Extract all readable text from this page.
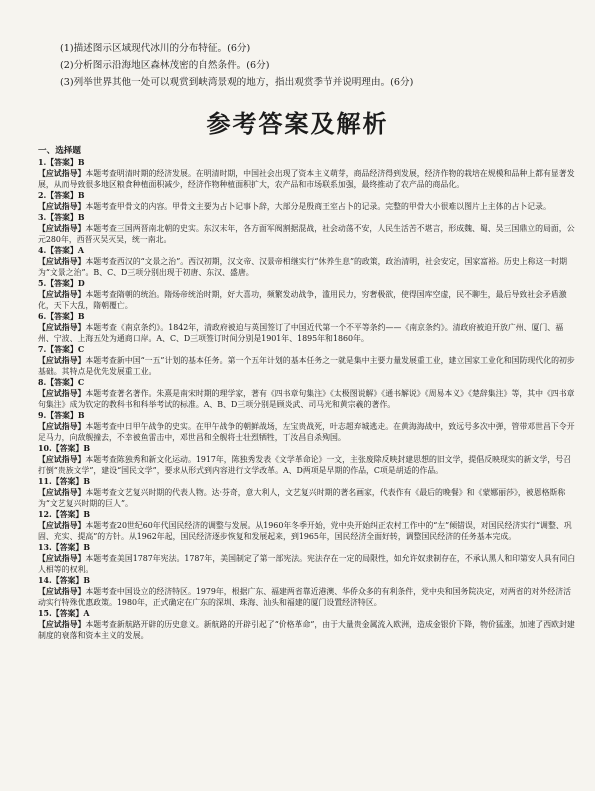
(1)描述图示区域现代冰川的分布特征。(6分)
(2)分析图示沿海地区森林茂密的自然条件。(6分)
(3)列举世界其他一处可以观赏到峡湾景观的地方，指出观赏季节并说明理由。(6分)
参考答案及解析
一、选择题
1.【答案】B
【应试指导】本题考查明清时期的经济发展。在明清时期，中国社会出现了资本主义萌芽，商品经济得到发展，经济作物的栽培在规模和品种上都有显著发展，从而导致很多地区粮食种植面积减少，经济作物种植面积扩大，农产品和市场联系加强，最终推动了农产品的商品化。
2.【答案】B
【应试指导】本题考查甲骨文的内容。甲骨文主要为占卜记事卜辞，大部分是殷商王室占卜的记录。完整的甲骨大小很难以图片上主体的占卜记录。
3.【答案】B
【应试指导】本题考查三国两晋南北朝的史实。东汉末年，各方面军阀割据混战，社会动荡不安，人民生活苦不堪言，形成魏、蜀、吴三国鼎立的局面，公元280年，西晋灭吴灭吴，统一南北。
4.【答案】A
【应试指导】本题考查西汉的“文景之治”。西汉初期，汉文帝、汉景帝相继实行“休养生息”的政策，政治清明，社会安定，国家富裕。历史上称这一时期为“文景之治”。B、C、D三项分别出现于初唐、东汉、盛唐。
5.【答案】D
【应试指导】本题考查隋朝的统治。隋炀帝统治时期，好大喜功，频繁发动战争，滥用民力，穷奢极欲，使得国库空虚，民不聊生，最后导致社会矛盾激化，天下大乱，隋朝覆亡。
6.【答案】B
【应试指导】本题考查《南京条约》。1842年，清政府被迫与英国签订了中国近代第一个不平等条约——《南京条约》。清政府被迫开放广州、厦门、福州、宁波、上海五处为通商口岸。A、C、D三项签订时间分别是1901年、1895年和1860年。
7.【答案】C
【应试指导】本题考查新中国“一五”计划的基本任务。第一个五年计划的基本任务之一就是集中主要力量发展重工业，建立国家工业化和国防现代化的初步基础。其特点是优先发展重工业。
8.【答案】C
【应试指导】本题考查著名著作。朱熹是南宋时期的理学家，著有《四书章句集注》《太极图说解》《通书解说》《周易本义》《楚辞集注》等，其中《四书章句集注》成为钦定的教科书和科举考试的标准。A、B、D三项分别是顾炎武、司马光和黄宗羲的著作。
9.【答案】B
【应试指导】本题考查中日甲午战争的史实。在甲午战争的朝鲜战场，左宝贵战死，叶志超弃城逃走。在黄海海战中，致远号多次中弹，管带邓世昌下令开足马力，向敌舰撞去，不幸被鱼雷击中，邓世昌和全舰将士壮烈牺牲，丁汝昌自杀殉国。
10.【答案】B
【应试指导】本题考查陈独秀和新文化运动。1917年，陈独秀发表《文学革命论》一文，主张废除反映封建思想的旧文学，提倡反映现实的新文学，号召打倒“贵族文学”，建设“国民文学”，要求从形式到内容进行文学改革。A、D两项是早期的作品，C项是胡适的作品。
11.【答案】B
【应试指导】本题考查文艺复兴时期的代表人物。达·芬奇，意大利人，文艺复兴时期的著名画家，代表作有《最后的晚餐》和《蒙娜丽莎》，被恩格斯称为“文艺复兴时期的巨人”。
12.【答案】B
【应试指导】本题考查20世纪60年代国民经济的调整与发展。从1960年冬季开始，党中央开始纠正农村工作中的“左”倾错误，对国民经济实行“调整、巩固、充实、提高”的方针。从1962年起，国民经济逐步恢复和发展起来，到1965年，国民经济全面好转，调整国民经济的任务基本完成。
13.【答案】B
【应试指导】本题考查美国1787年宪法。1787年，美国制定了第一部宪法。宪法存在一定的局限性，如允许奴隶制存在，不承认黑人和印第安人具有同白人相等的权利。
14.【答案】B
【应试指导】本题考查中国设立的经济特区。1979年，根据广东、福建两省靠近港澳、华侨众多的有利条件，党中央和国务院决定，对两省的对外经济活动实行特殊优惠政策。1980年，正式确定在广东的深圳、珠海、汕头和福建的厦门设置经济特区。
15.【答案】A
【应试指导】本题考查新航路开辟的历史意义。新航路的开辟引起了“价格革命”，由于大量贵金属流入欧洲，造成金银价下降，物价猛涨，加速了西欧封建制度的衰落和资本主义的发展。
